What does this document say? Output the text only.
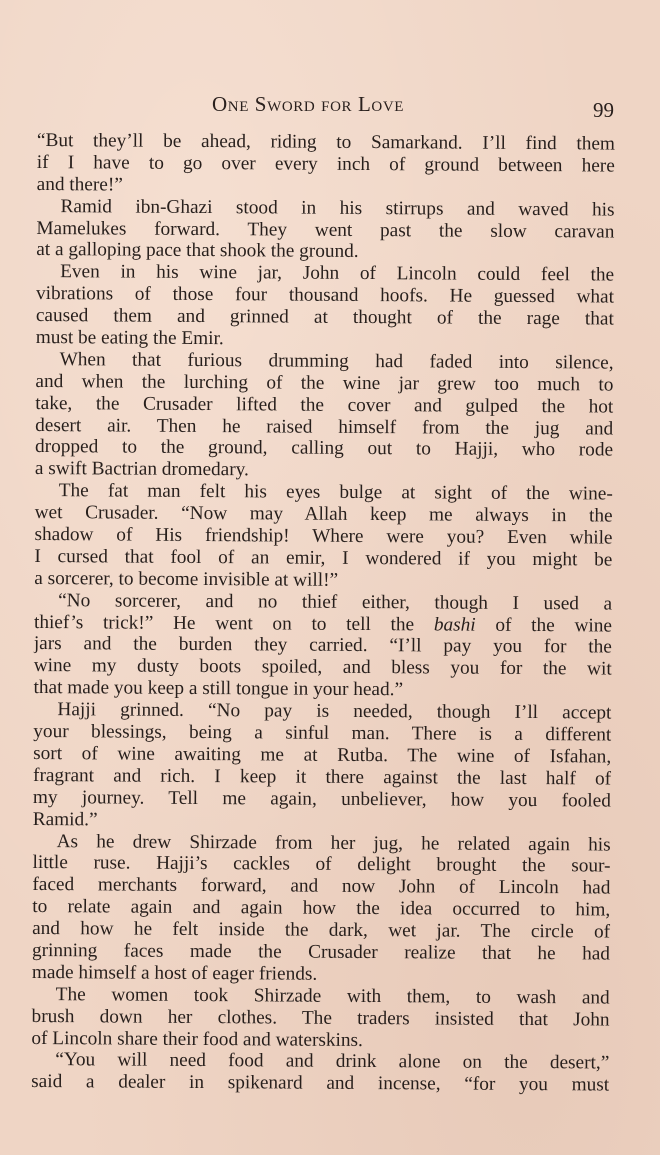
One Sword for Love	99
“But they’ll be ahead, riding to Samarkand. I’ll find them
if I have to go over every inch of ground between here
and there!”
Ramid ibn-Ghazi stood in his stirrups and waved his
Mamelukes forward. They went past the slow caravan
at a galloping pace that shook the ground.
Even in his wine jar, John of Lincoln could feel the
vibrations of those four thousand hoofs. He guessed what
caused them and grinned at thought of the rage that
must be eating the Emir.
When that furious drumming had faded into silence,
and when the lurching of the wine jar grew too much to
take, the Crusader lifted the cover and gulped the hot
desert air. Then he raised himself from the jug and
dropped to the ground, calling out to Hajji, who rode
a swift Bactrian dromedary.
The fat man felt his eyes bulge at sight of the wine-
wet Crusader. “Now may Allah keep me always in the
shadow of His friendship! Where were you? Even while
I cursed that fool of an emir, I wondered if you might be
a sorcerer, to become invisible at will!”
“No sorcerer, and no thief either, though I used a
thief’s trick!” He went on to tell the bashi of the wine
jars and the burden they carried. “I’ll pay you for the
wine my dusty boots spoiled, and bless you for the wit
that made you keep a still tongue in your head.”
Hajji grinned. “No pay is needed, though I’ll accept
your blessings, being a sinful man. There is a different
sort of wine awaiting me at Rutba. The wine of Isfahan,
fragrant and rich. I keep it there against the last half of
my journey. Tell me again, unbeliever, how you fooled
Ramid.”
As he drew Shirzade from her jug, he related again his
little ruse. Hajji’s cackles of delight brought the sour-
faced merchants forward, and now John of Lincoln had
to relate again and again how the idea occurred to him,
and how he felt inside the dark, wet jar. The circle of
grinning faces made the Crusader realize that he had
made himself a host of eager friends.
The women took Shirzade with them, to wash and
brush down her clothes. The traders insisted that John
of Lincoln share their food and waterskins.
“You will need food and drink alone on the desert,”
said a dealer in spikenard and incense, “for you must
